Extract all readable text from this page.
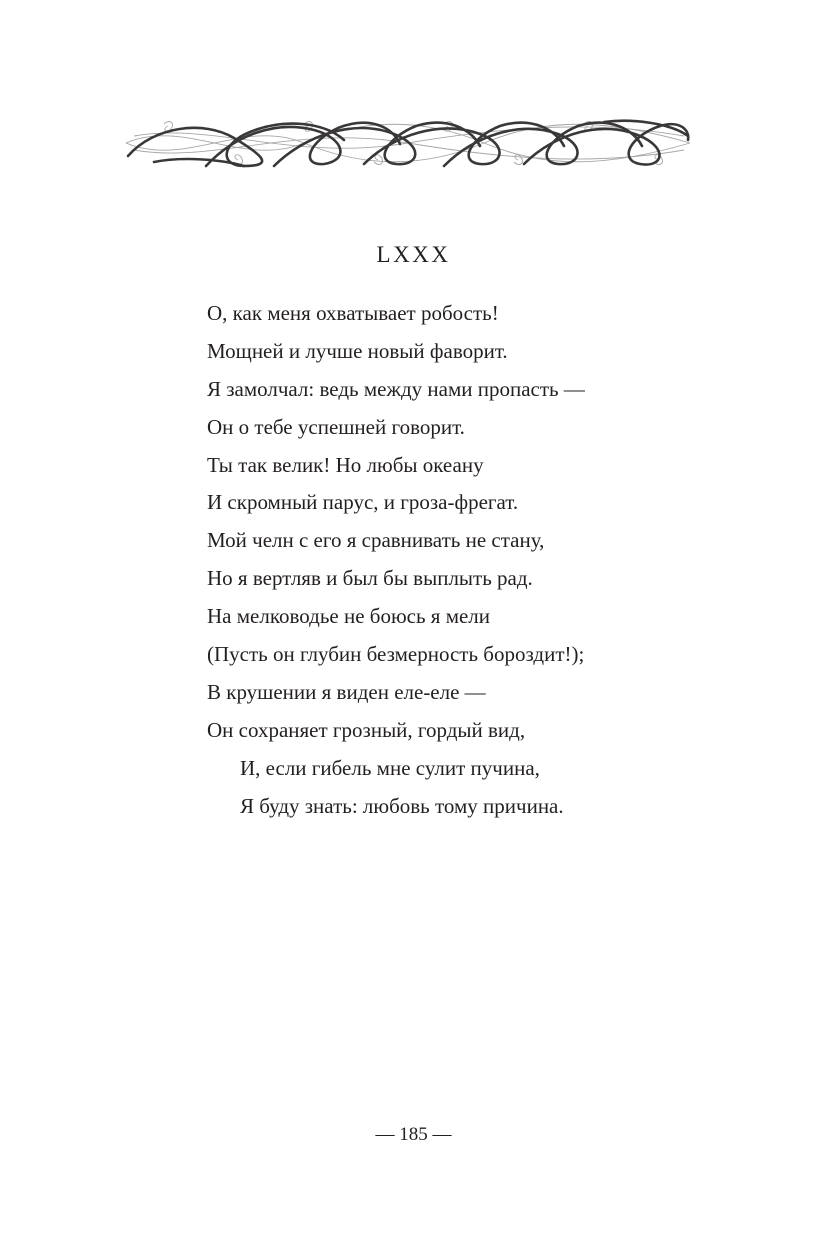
LXXX
О, как меня охватывает робость!
Мощней и лучше новый фаворит.
Я замолчал: ведь между нами пропасть —
Он о тебе успешней говорит.
Ты так велик! Но любы океану
И скромный парус, и гроза-фрегат.
Мой челн с его я сравнивать не стану,
Но я вертляв и был бы выплыть рад.
На мелководье не боюсь я мели
(Пусть он глубин безмерность бороздит!);
В крушении я виден еле-еле —
Он сохраняет грозный, гордый вид,
И, если гибель мне сулит пучина,
Я буду знать: любовь тому причина.
— 185 —
